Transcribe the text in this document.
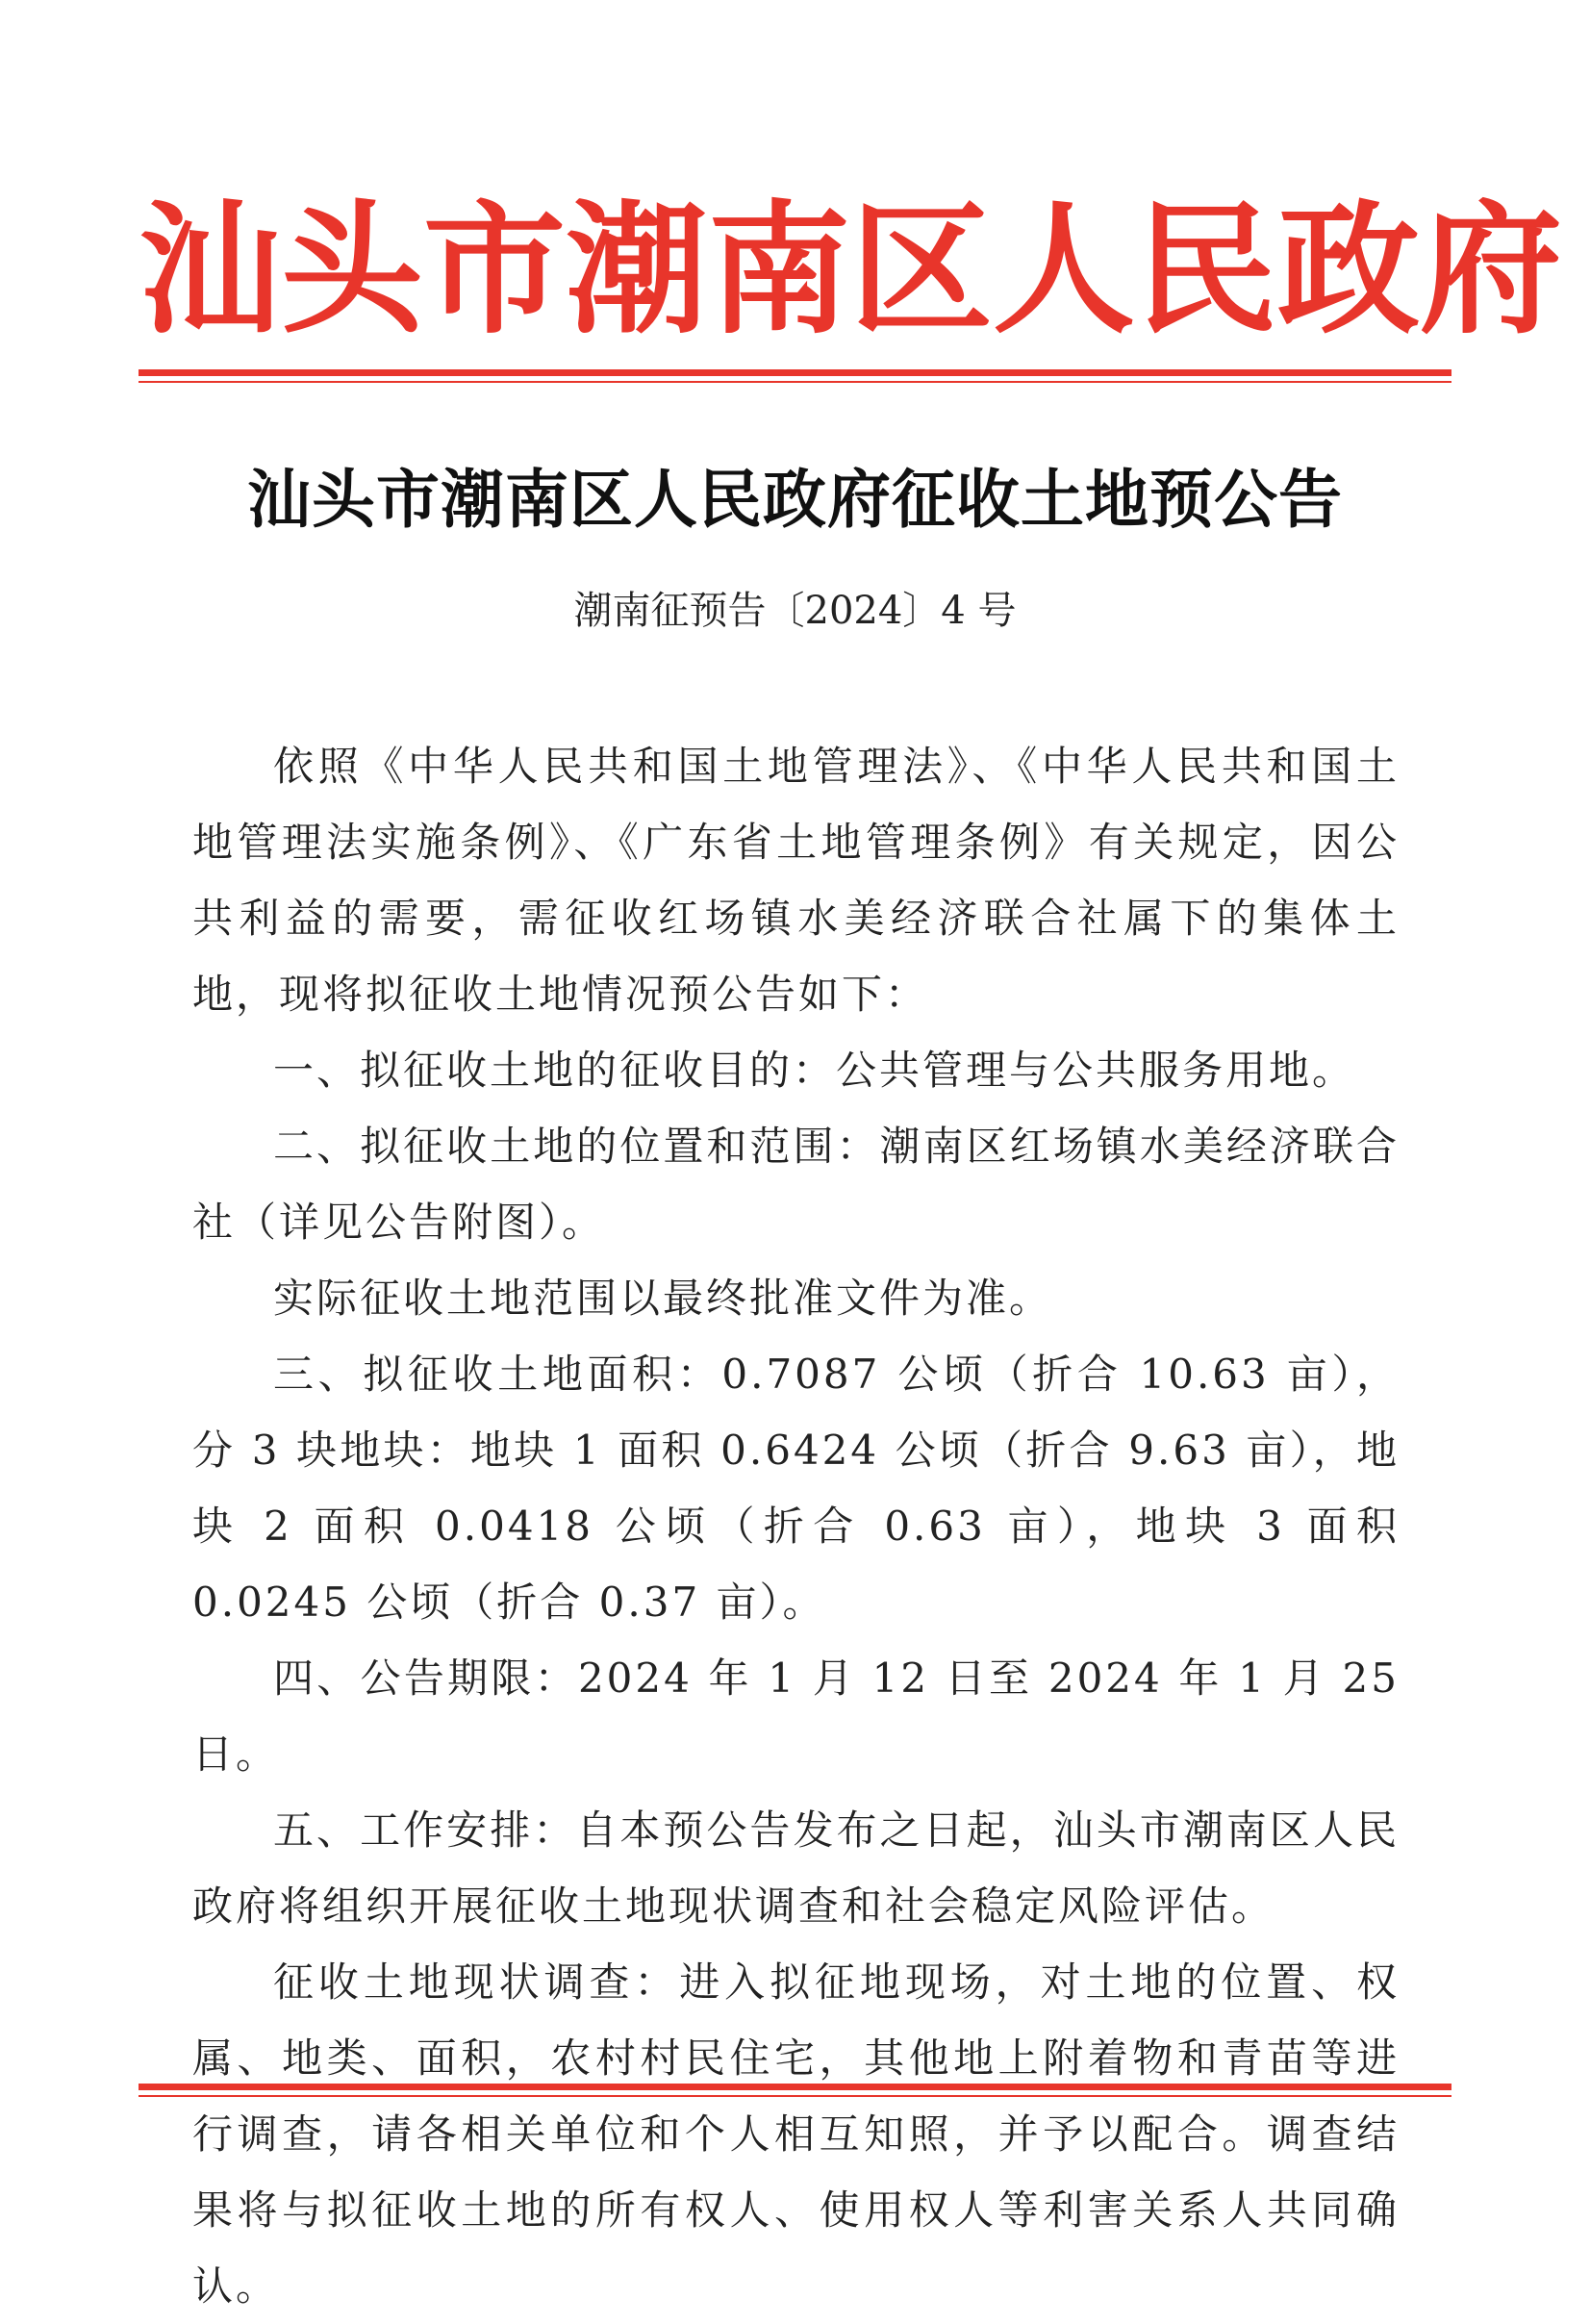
汕 头 市 潮 南 区 人 民 政 府
汕头市潮南区人民政府征收土地预公告
潮南征预告〔2024〕4 号

依照《中华人民共和国土地管理法》、《中华人民共和国土地管理法实施条例》、《广东省土地管理条例》有关规定，因公共利益的需要，需征收红场镇水美经济联合社属下的集体土地，现将拟征收土地情况预公告如下：

一、拟征收土地的征收目的：公共管理与公共服务用地。

二、拟征收土地的位置和范围：潮南区红场镇水美经济联合社（详见公告附图）。

实际征收土地范围以最终批准文件为准。

三、拟征收土地面积：0.7087 公顷（折合 10.63 亩），分 3 块地块：地块 1 面积 0.6424 公顷（折合 9.63 亩），地块 2 面积 0.0418 公顷（折合 0.63 亩），地块 3 面积 0.0245 公顷（折合 0.37 亩）。

四、公告期限：2024 年 1 月 12 日至 2024 年 1 月 25 日。

五、工作安排：自本预公告发布之日起，汕头市潮南区人民政府将组织开展征收土地现状调查和社会稳定风险评估。

征收土地现状调查：进入拟征地现场，对土地的位置、权属、地类、面积，农村村民住宅，其他地上附着物和青苗等进行调查，请各相关单位和个人相互知照，并予以配合。调查结果将与拟征收土地的所有权人、使用权人等利害关系人共同确认。
